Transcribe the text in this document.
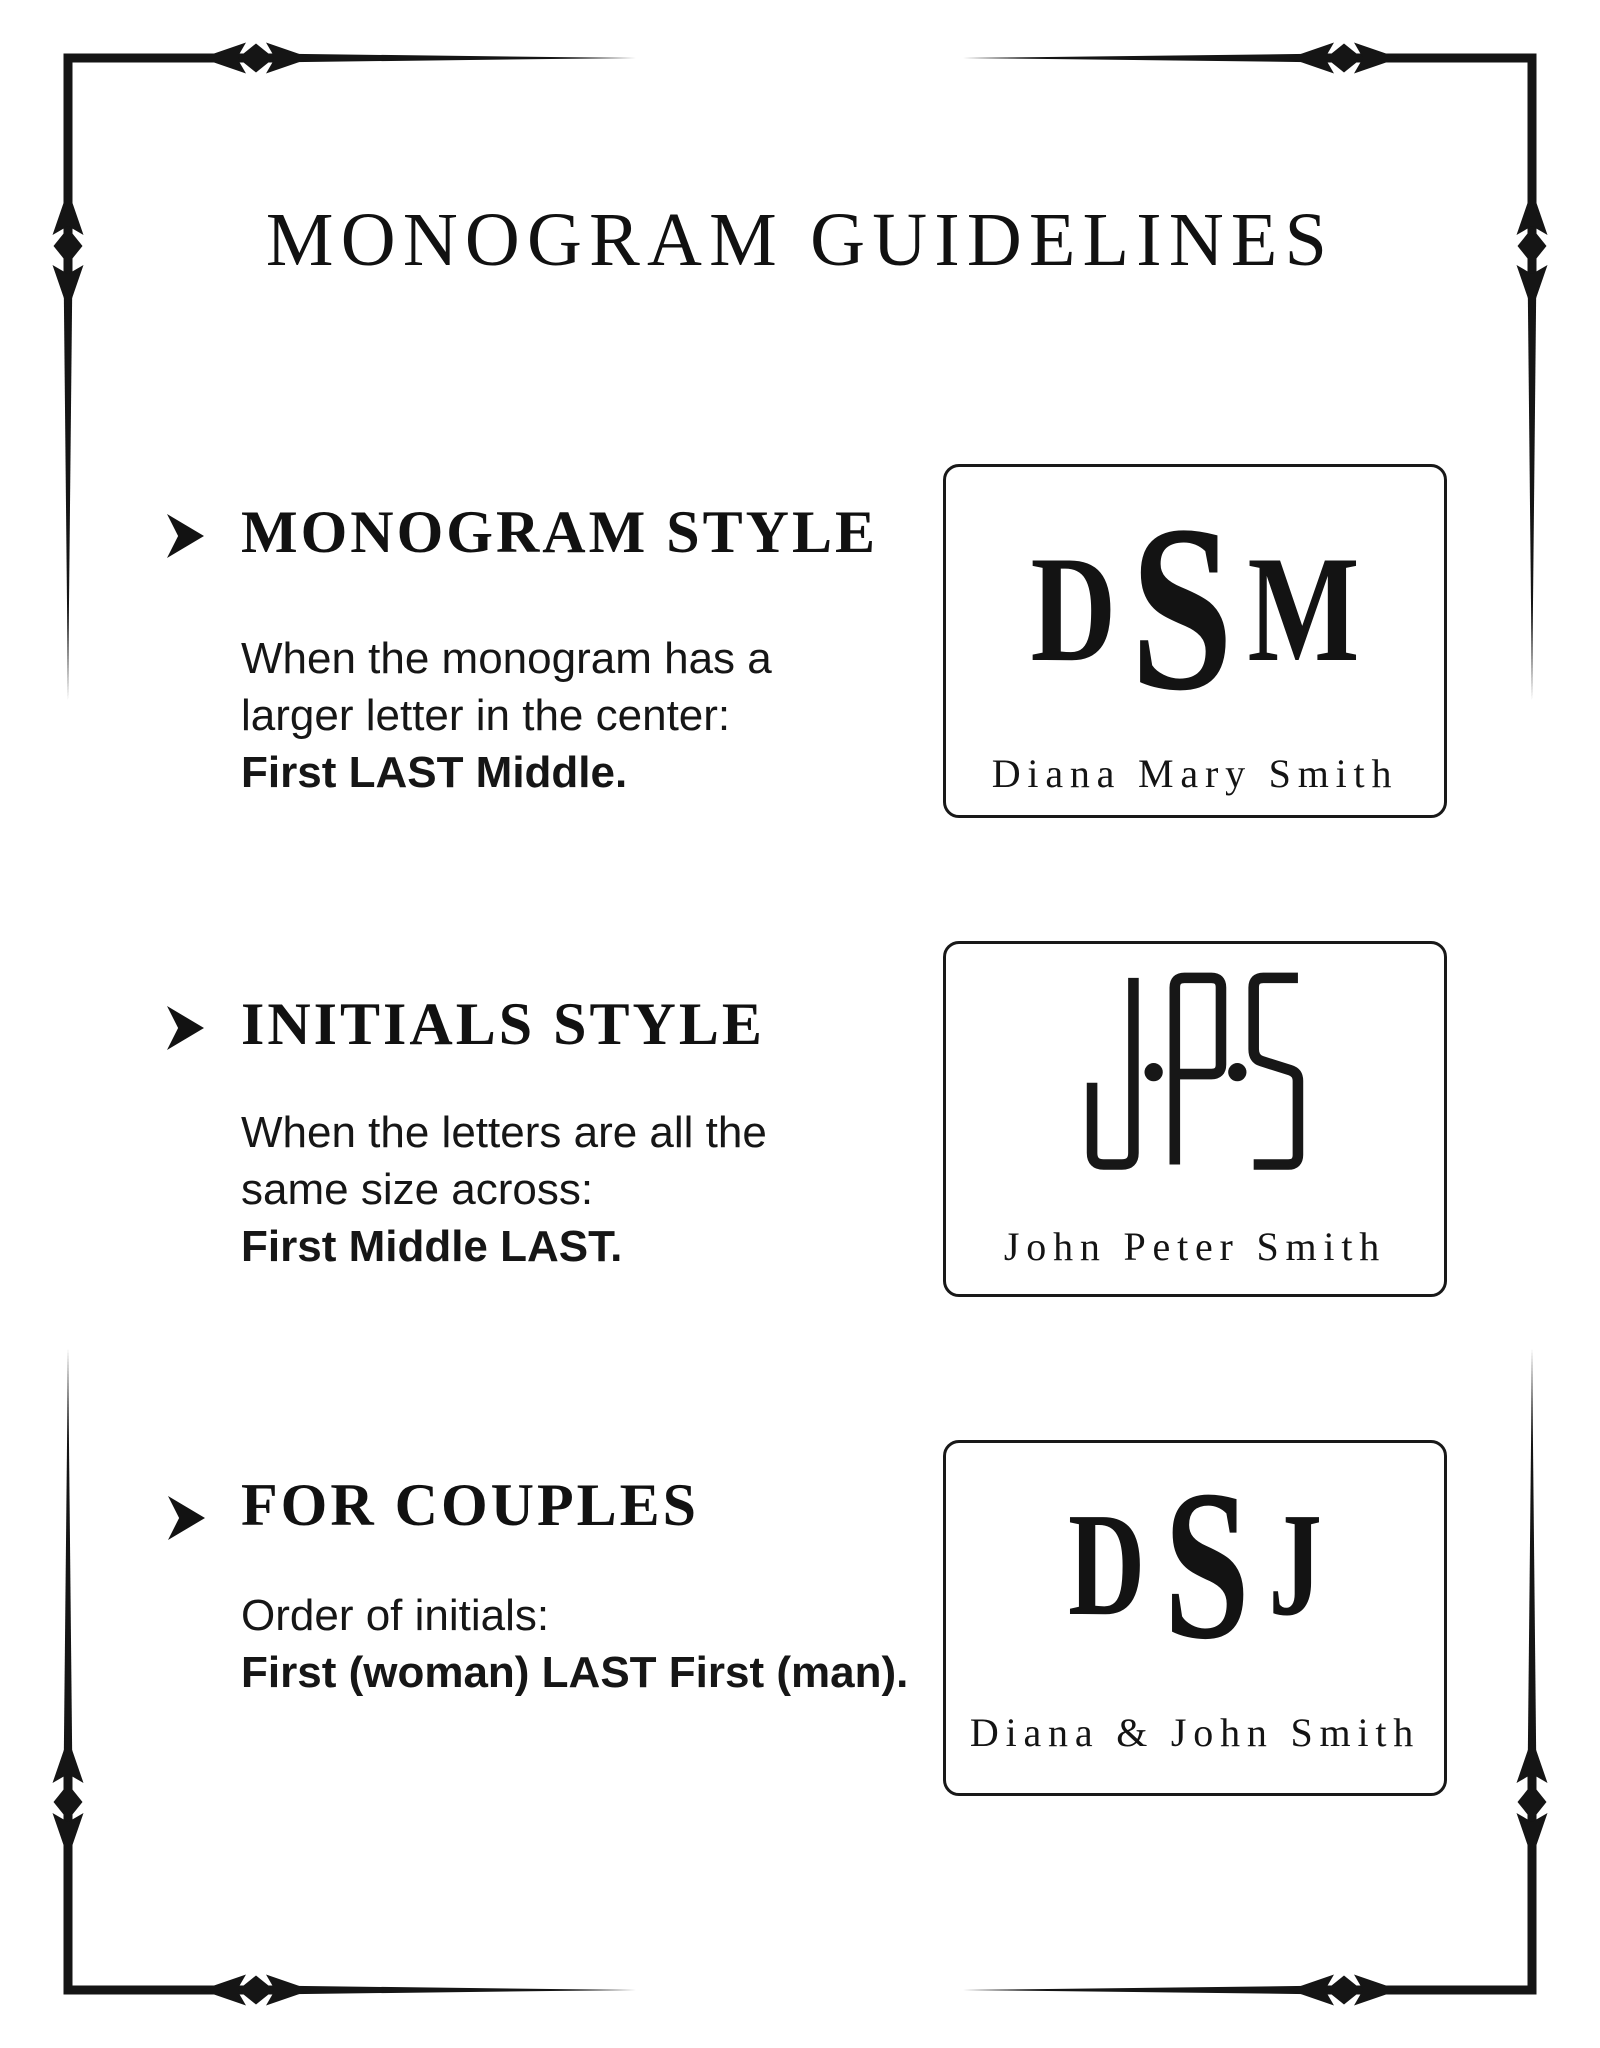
MONOGRAM GUIDELINES
MONOGRAM STYLE
When the monogram has a
larger letter in the center:
First LAST Middle.
D S M
Diana Mary Smith
INITIALS STYLE
When the letters are all the
same size across:
First Middle LAST.	John Peter Smith
FOR COUPLES
Order of initials:
First (woman) LAST First (man).
D S J
Diana & John Smith
